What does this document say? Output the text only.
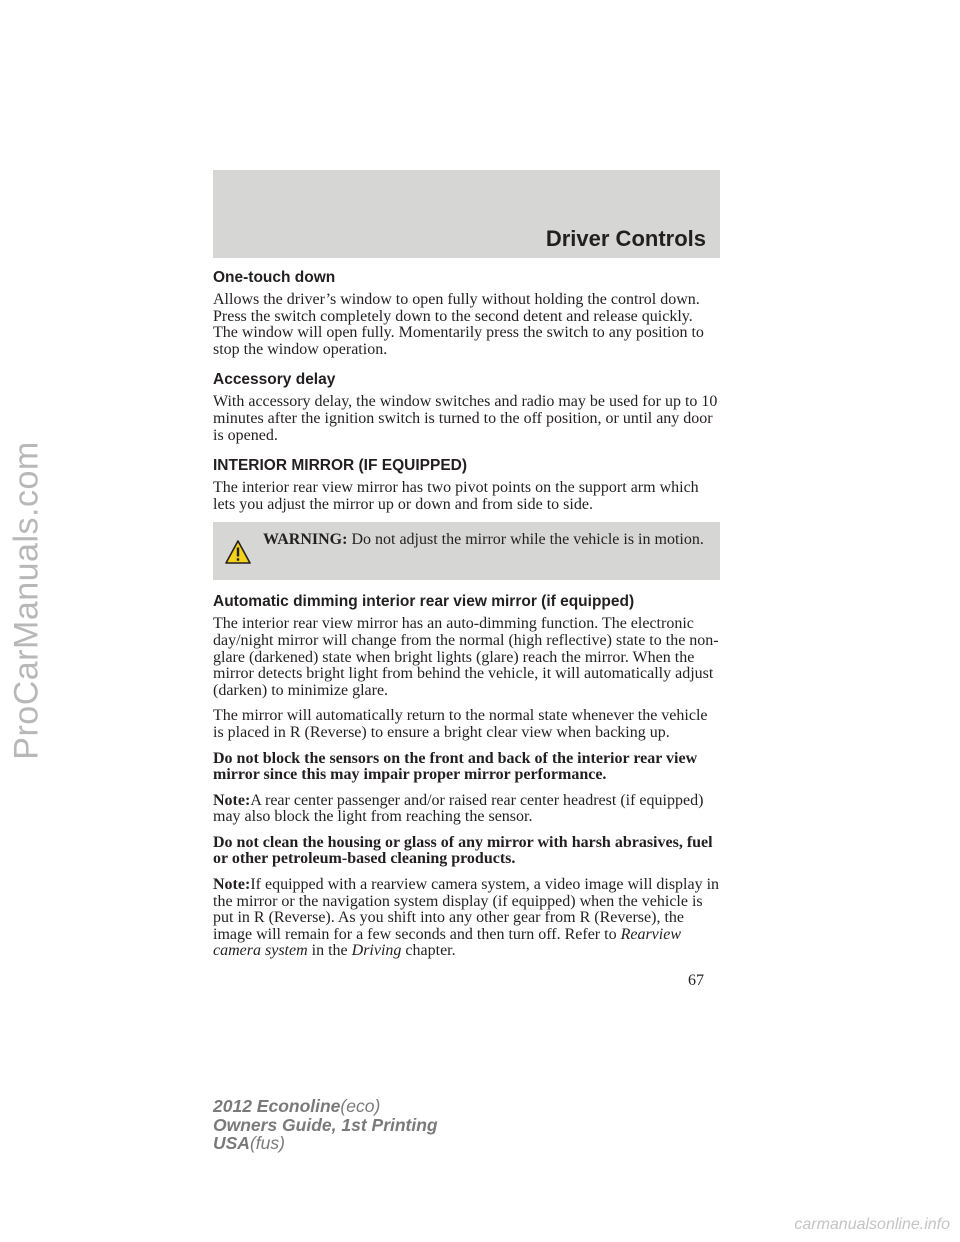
ProCarManuals.com
Driver Controls
One-touch down

Allows the driver’s window to open fully without holding the control down. Press the switch completely down to the second detent and release quickly. The window will open fully. Momentarily press the switch to any position to stop the window operation.

Accessory delay

With accessory delay, the window switches and radio may be used for up to 10 minutes after the ignition switch is turned to the off position, or until any door is opened.

INTERIOR MIRROR (IF EQUIPPED)

The interior rear view mirror has two pivot points on the support arm which lets you adjust the mirror up or down and from side to side.

WARNING: Do not adjust the mirror while the vehicle is in motion.
Automatic dimming interior rear view mirror (if equipped)

The interior rear view mirror has an auto-dimming function. The electronic day/night mirror will change from the normal (high reflective) state to the non-glare (darkened) state when bright lights (glare) reach the mirror. When the mirror detects bright light from behind the vehicle, it will automatically adjust (darken) to minimize glare.

The mirror will automatically return to the normal state whenever the vehicle is placed in R (Reverse) to ensure a bright clear view when backing up.

Do not block the sensors on the front and back of the interior rear view mirror since this may impair proper mirror performance.

Note:A rear center passenger and/or raised rear center headrest (if equipped) may also block the light from reaching the sensor.

Do not clean the housing or glass of any mirror with harsh abrasives, fuel or other petroleum-based cleaning products.

Note:If equipped with a rearview camera system, a video image will display in the mirror or the navigation system display (if equipped) when the vehicle is put in R (Reverse). As you shift into any other gear from R (Reverse), the image will remain for a few seconds and then turn off. Refer to Rearview camera system in the Driving chapter.

67
2012 Econoline(eco)
Owners Guide, 1st Printing
USA(fus)
carmanualsonline.info
